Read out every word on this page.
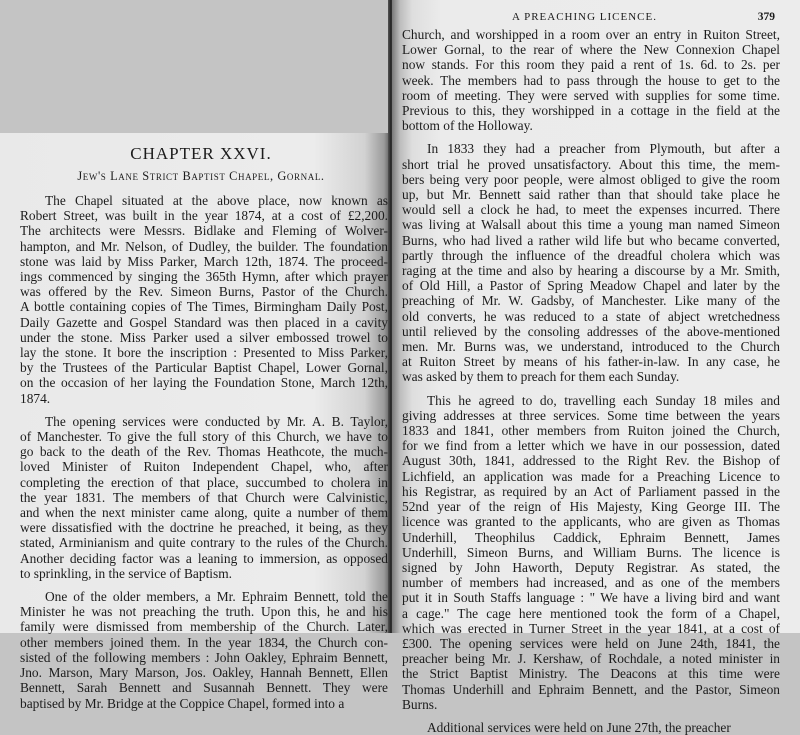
CHAPTER XXVI.
Jew's Lane Strict Baptist Chapel, Gornal.
The Chapel situated at the above place, now known as
Robert Street, was built in the year 1874, at a cost of £2,200.
The architects were Messrs. Bidlake and Fleming of Wolver-
hampton, and Mr. Nelson, of Dudley, the builder. The foundation
stone was laid by Miss Parker, March 12th, 1874. The proceed-
ings commenced by singing the 365th Hymn, after which prayer
was offered by the Rev. Simeon Burns, Pastor of the Church.
A bottle containing copies of The Times, Birmingham Daily Post,
Daily Gazette and Gospel Standard was then placed in a cavity
under the stone. Miss Parker used a silver embossed trowel to
lay the stone. It bore the inscription : Presented to Miss Parker,
by the Trustees of the Particular Baptist Chapel, Lower Gornal,
on the occasion of her laying the Foundation Stone, March 12th,
1874.
The opening services were conducted by Mr. A. B. Taylor,
of Manchester. To give the full story of this Church, we have to
go back to the death of the Rev. Thomas Heathcote, the much-
loved Minister of Ruiton Independent Chapel, who, after
completing the erection of that place, succumbed to cholera in
the year 1831. The members of that Church were Calvinistic,
and when the next minister came along, quite a number of them
were dissatisfied with the doctrine he preached, it being, as they
stated, Arminianism and quite contrary to the rules of the Church.
Another deciding factor was a leaning to immersion, as opposed
to sprinkling, in the service of Baptism.
One of the older members, a Mr. Ephraim Bennett, told the
Minister he was not preaching the truth. Upon this, he and his
family were dismissed from membership of the Church. Later,
other members joined them. In the year 1834, the Church con-
sisted of the following members : John Oakley, Ephraim Bennett,
Jno. Marson, Mary Marson, Jos. Oakley, Hannah Bennett, Ellen
Bennett, Sarah Bennett and Susannah Bennett. They were
baptised by Mr. Bridge at the Coppice Chapel, formed into a
A PREACHING LICENCE.	379
Church, and worshipped in a room over an entry in Ruiton Street,
Lower Gornal, to the rear of where the New Connexion Chapel
now stands. For this room they paid a rent of 1s. 6d. to 2s. per
week. The members had to pass through the house to get to the
room of meeting. They were served with supplies for some time.
Previous to this, they worshipped in a cottage in the field at the
bottom of the Holloway.
In 1833 they had a preacher from Plymouth, but after a
short trial he proved unsatisfactory. About this time, the mem-
bers being very poor people, were almost obliged to give the room
up, but Mr. Bennett said rather than that should take place he
would sell a clock he had, to meet the expenses incurred. There
was living at Walsall about this time a young man named Simeon
Burns, who had lived a rather wild life but who became converted,
partly through the influence of the dreadful cholera which was
raging at the time and also by hearing a discourse by a Mr. Smith,
of Old Hill, a Pastor of Spring Meadow Chapel and later by the
preaching of Mr. W. Gadsby, of Manchester. Like many of the
old converts, he was reduced to a state of abject wretchedness
until relieved by the consoling addresses of the above-mentioned
men. Mr. Burns was, we understand, introduced to the Church
at Ruiton Street by means of his father-in-law. In any case, he
was asked by them to preach for them each Sunday.
This he agreed to do, travelling each Sunday 18 miles and
giving addresses at three services. Some time between the years
1833 and 1841, other members from Ruiton joined the Church,
for we find from a letter which we have in our possession, dated
August 30th, 1841, addressed to the Right Rev. the Bishop of
Lichfield, an application was made for a Preaching Licence to
his Registrar, as required by an Act of Parliament passed in the
52nd year of the reign of His Majesty, King George III. The
licence was granted to the applicants, who are given as Thomas
Underhill, Theophilus Caddick, Ephraim Bennett, James
Underhill, Simeon Burns, and William Burns. The licence is
signed by John Haworth, Deputy Registrar. As stated, the
number of members had increased, and as one of the members
put it in South Staffs language : " We have a living bird and want
a cage." The cage here mentioned took the form of a Chapel,
which was erected in Turner Street in the year 1841, at a cost of
£300. The opening services were held on June 24th, 1841, the
preacher being Mr. J. Kershaw, of Rochdale, a noted minister in
the Strict Baptist Ministry. The Deacons at this time were
Thomas Underhill and Ephraim Bennett, and the Pastor, Simeon
Burns.
Additional services were held on June 27th, the preacher
